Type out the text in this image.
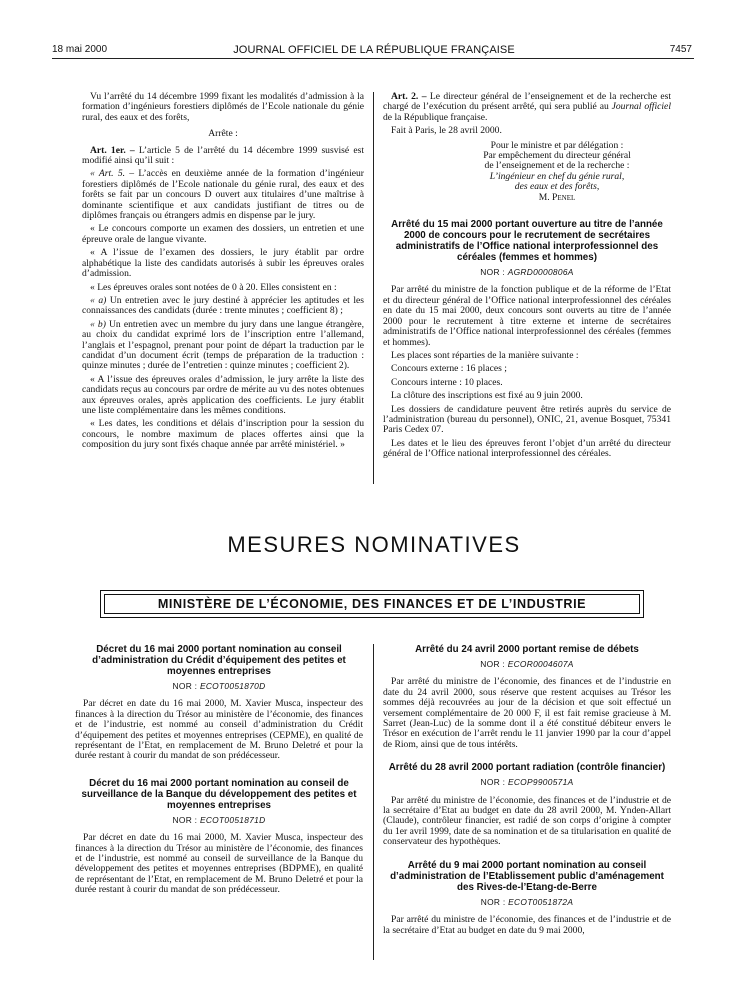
18 mai 2000	JOURNAL OFFICIEL DE LA RÉPUBLIQUE FRANÇAISE	7457

Vu l’arrêté du 14 décembre 1999 fixant les modalités d’admission à la formation d’ingénieurs forestiers diplômés de l’Ecole nationale du génie rural, des eaux et des forêts,

Arrête :

Art. 1er. – L’article 5 de l’arrêté du 14 décembre 1999 susvisé est modifié ainsi qu’il suit :

« Art. 5. – L’accès en deuxième année de la formation d’ingénieur forestiers diplômés de l’Ecole nationale du génie rural, des eaux et des forêts se fait par un concours D ouvert aux titulaires d’une maîtrise à dominante scientifique et aux candidats justifiant de titres ou de diplômes français ou étrangers admis en dispense par le jury.

« Le concours comporte un examen des dossiers, un entretien et une épreuve orale de langue vivante.

« A l’issue de l’examen des dossiers, le jury établit par ordre alphabétique la liste des candidats autorisés à subir les épreuves orales d’admission.

« Les épreuves orales sont notées de 0 à 20. Elles consistent en :

« a) Un entretien avec le jury destiné à apprécier les aptitudes et les connaissances des candidats (durée : trente minutes ; coefficient 8) ;

« b) Un entretien avec un membre du jury dans une langue étrangère, au choix du candidat exprimé lors de l’inscription entre l’allemand, l’anglais et l’espagnol, prenant pour point de départ la traduction par le candidat d’un document écrit (temps de préparation de la traduction : quinze minutes ; durée de l’entretien : quinze minutes ; coefficient 2).

« A l’issue des épreuves orales d’admission, le jury arrête la liste des candidats reçus au concours par ordre de mérite au vu des notes obtenues aux épreuves orales, après application des coefficients. Le jury établit une liste complémentaire dans les mêmes conditions.

« Les dates, les conditions et délais d’inscription pour la session du concours, le nombre maximum de places offertes ainsi que la composition du jury sont fixés chaque année par arrêté ministériel. »

Art. 2. – Le directeur général de l’enseignement et de la recherche est chargé de l’exécution du présent arrêté, qui sera publié au Journal officiel de la République française.

Fait à Paris, le 28 avril 2000.

Pour le ministre et par délégation :

Par empêchement du directeur général

de l’enseignement et de la recherche :

L’ingénieur en chef du génie rural,

des eaux et des forêts,

M. Penel

Arrêté du 15 mai 2000 portant ouverture au titre de l’année 2000 de concours pour le recrutement de secrétaires administratifs de l’Office national interprofessionnel des céréales (femmes et hommes)
NOR : AGRD0000806A

Par arrêté du ministre de la fonction publique et de la réforme de l’Etat et du directeur général de l’Office national interprofessionnel des céréales en date du 15 mai 2000, deux concours sont ouverts au titre de l’année 2000 pour le recrutement à titre externe et interne de secrétaires administratifs de l’Office national interprofessionnel des céréales (femmes et hommes).

Les places sont réparties de la manière suivante :

Concours externe : 16 places ;

Concours interne : 10 places.

La clôture des inscriptions est fixé au 9 juin 2000.

Les dossiers de candidature peuvent être retirés auprès du service de l’administration (bureau du personnel), ONIC, 21, avenue Bosquet, 75341 Paris Cedex 07.

Les dates et le lieu des épreuves feront l’objet d’un arrêté du directeur général de l’Office national interprofessionnel des céréales.

MESURES NOMINATIVES
MINISTÈRE DE L’ÉCONOMIE, DES FINANCES ET DE L’INDUSTRIE
Décret du 16 mai 2000 portant nomination au conseil d’administration du Crédit d’équipement des petites et moyennes entreprises
NOR : ECOT0051870D

Par décret en date du 16 mai 2000, M. Xavier Musca, inspecteur des finances à la direction du Trésor au ministère de l’économie, des finances et de l’industrie, est nommé au conseil d’administration du Crédit d’équipement des petites et moyennes entreprises (CEPME), en qualité de représentant de l’Etat, en remplacement de M. Bruno Deletré et pour la durée restant à courir du mandat de son prédécesseur.

Décret du 16 mai 2000 portant nomination au conseil de surveillance de la Banque du développement des petites et moyennes entreprises
NOR : ECOT0051871D

Par décret en date du 16 mai 2000, M. Xavier Musca, inspecteur des finances à la direction du Trésor au ministère de l’économie, des finances et de l’industrie, est nommé au conseil de surveillance de la Banque du développement des petites et moyennes entreprises (BDPME), en qualité de représentant de l’Etat, en remplacement de M. Bruno Deletré et pour la durée restant à courir du mandat de son prédécesseur.

Arrêté du 24 avril 2000 portant remise de débets
NOR : ECOR0004607A

Par arrêté du ministre de l’économie, des finances et de l’industrie en date du 24 avril 2000, sous réserve que restent acquises au Trésor les sommes déjà recouvrées au jour de la décision et que soit effectué un versement complémentaire de 20 000 F, il est fait remise gracieuse à M. Sarret (Jean-Luc) de la somme dont il a été constitué débiteur envers le Trésor en exécution de l’arrêt rendu le 11 janvier 1990 par la cour d’appel de Riom, ainsi que de tous intérêts.

Arrêté du 28 avril 2000 portant radiation (contrôle financier)
NOR : ECOP9900571A

Par arrêté du ministre de l’économie, des finances et de l’industrie et de la secrétaire d’Etat au budget en date du 28 avril 2000, M. Ynden-Allart (Claude), contrôleur financier, est radié de son corps d’origine à compter du 1er avril 1999, date de sa nomination et de sa titularisation en qualité de conservateur des hypothèques.

Arrêté du 9 mai 2000 portant nomination au conseil d’administration de l’Etablissement public d’aménagement des Rives-de-l’Etang-de-Berre
NOR : ECOT0051872A

Par arrêté du ministre de l’économie, des finances et de l’industrie et de la secrétaire d’Etat au budget en date du 9 mai 2000,
